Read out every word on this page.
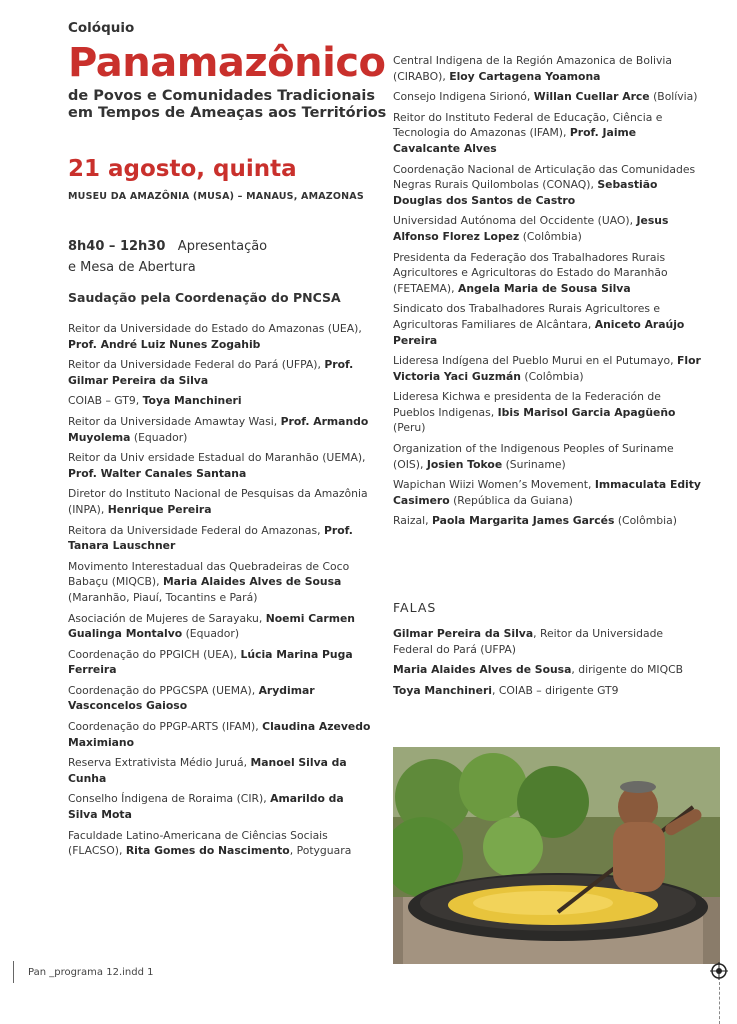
Colóquio
Panamazônico
de Povos e Comunidades Tradicionais
em Tempos de Ameaças aos Territórios
21 agosto, quinta
MUSEU DA AMAZÔNIA (MUSA) – MANAUS, AMAZONAS
8h40 – 12h30 Apresentação
e Mesa de Abertura
Saudação pela Coordenação do PNCSA
Reitor da Universidade do Estado do Amazonas (UEA), Prof. André Luiz Nunes Zogahib
Reitor da Universidade Federal do Pará (UFPA), Prof. Gilmar Pereira da Silva
COIAB – GT9, Toya Manchineri
Reitor da Universidade Amawtay Wasi, Prof. Armando Muyolema (Equador)
Reitor da Univ ersidade Estadual do Maranhão (UEMA), Prof. Walter Canales Santana
Diretor do Instituto Nacional de Pesquisas da Amazônia (INPA), Henrique Pereira
Reitora da Universidade Federal do Amazonas, Prof. Tanara Lauschner
Movimento Interestadual das Quebradeiras de Coco Babaçu (MIQCB), Maria Alaides Alves de Sousa (Maranhão, Piauí, Tocantins e Pará)
Asociación de Mujeres de Sarayaku, Noemi Carmen Gualinga Montalvo (Equador)
Coordenação do PPGICH (UEA), Lúcia Marina Puga Ferreira
Coordenação do PPGCSPA (UEMA), Arydimar Vasconcelos Gaioso
Coordenação do PPGP-ARTS (IFAM), Claudina Azevedo Maximiano
Reserva Extrativista Médio Juruá, Manoel Silva da Cunha
Conselho Índigena de Roraima (CIR), Amarildo da Silva Mota
Faculdade Latino-Americana de Ciências Sociais (FLACSO), Rita Gomes do Nascimento, Potyguara
Central Indigena de la Región Amazonica de Bolivia (CIRABO), Eloy Cartagena Yoamona
Consejo Indigena Sirionó, Willan Cuellar Arce (Bolívia)
Reitor do Instituto Federal de Educação, Ciência e Tecnologia do Amazonas (IFAM), Prof. Jaime Cavalcante Alves
Coordenação Nacional de Articulação das Comunidades Negras Rurais Quilombolas (CONAQ), Sebastião Douglas dos Santos de Castro
Universidad Autónoma del Occidente (UAO), Jesus Alfonso Florez Lopez (Colômbia)
Presidenta da Federação dos Trabalhadores Rurais Agricultores e Agricultoras do Estado do Maranhão (FETAEMA), Angela Maria de Sousa Silva
Sindicato dos Trabalhadores Rurais Agricultores e Agricultoras Familiares de Alcântara, Aniceto Araújo Pereira
Lideresa Indígena del Pueblo Murui en el Putumayo, Flor Victoria Yaci Guzmán (Colômbia)
Lideresa Kichwa e presidenta de la Federación de Pueblos Indigenas, Ibis Marisol Garcia Apagüeño (Peru)
Organization of the Indigenous Peoples of Suriname (OIS), Josien Tokoe (Suriname)
Wapichan Wiizi Women’s Movement, Immaculata Edity Casimero (República da Guiana)
Raizal, Paola Margarita James Garcés (Colômbia)
FALAS
Gilmar Pereira da Silva, Reitor da Universidade Federal do Pará (UFPA)
Maria Alaides Alves de Sousa, dirigente do MIQCB
Toya Manchineri, COIAB – dirigente GT9
Pan _programa 12.indd 1
